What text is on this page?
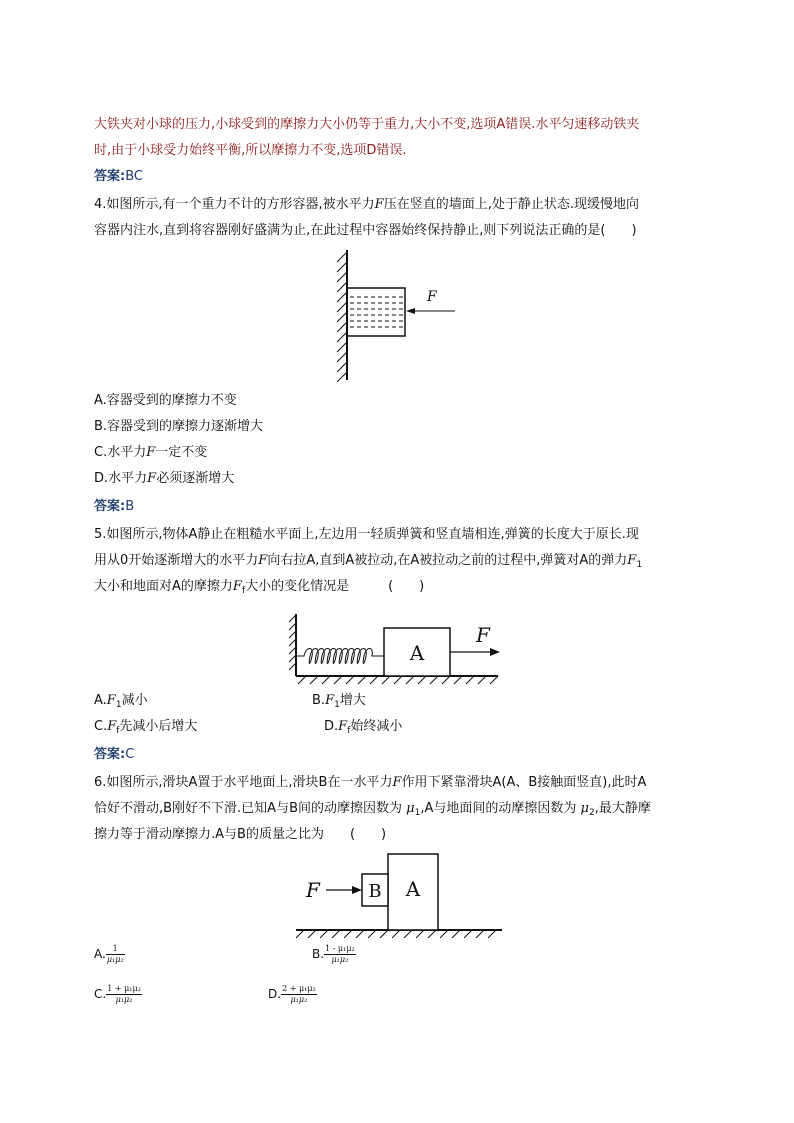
大铁夹对小球的压力,小球受到的摩擦力大小仍等于重力,大小不变,选项A错误.水平匀速移动铁夹
时,由于小球受力始终平衡,所以摩擦力不变,选项D错误.
答案:BC
4.如图所示,有一个重力不计的方形容器,被水平力F压在竖直的墙面上,处于静止状态.现缓慢地向
容器内注水,直到将容器刚好盛满为止,在此过程中容器始终保持静止,则下列说法正确的是(　　)
F
A.容器受到的摩擦力不变
B.容器受到的摩擦力逐渐增大
C.水平力F一定不变
D.水平力F必须逐渐增大
答案:B
5.如图所示,物体A静止在粗糙水平面上,左边用一轻质弹簧和竖直墙相连,弹簧的长度大于原长.现
用从0开始逐渐增大的水平力F向右拉A,直到A被拉动,在A被拉动之前的过程中,弹簧对A的弹力$F_1$
大小和地面对A的摩擦力$F_f$大小的变化情况是　　　(　　)
A
F
$A.F_1$减小	$B.F_1$增大
$C.F_f$先减小后增大	$D.F_f$始终减小
答案:C
6.如图所示,滑块A置于水平地面上,滑块B在一水平力F作用下紧靠滑块A(A、B接触面竖直),此时A
恰好不滑动,B刚好不下滑.已知A与B间的动摩擦因数为 $\mu_1,A$与地面间的动摩擦因数为 $\mu_2$,最大静摩
擦力等于滑动摩擦力.A与B的质量之比为　　(　　)
A
B
F
A. $\frac{1}{\text{μ₁μ₂}}$	B. $\frac{\text{1 - μ₁μ₂}}{\text{μ₁μ₂}}$
C. $\frac{\text{1 + μ₁μ₂}}{\text{μ₁μ₂}}$	D. $\frac{\text{2 + μ₁μ₂}}{\text{μ₁μ₂}}$
